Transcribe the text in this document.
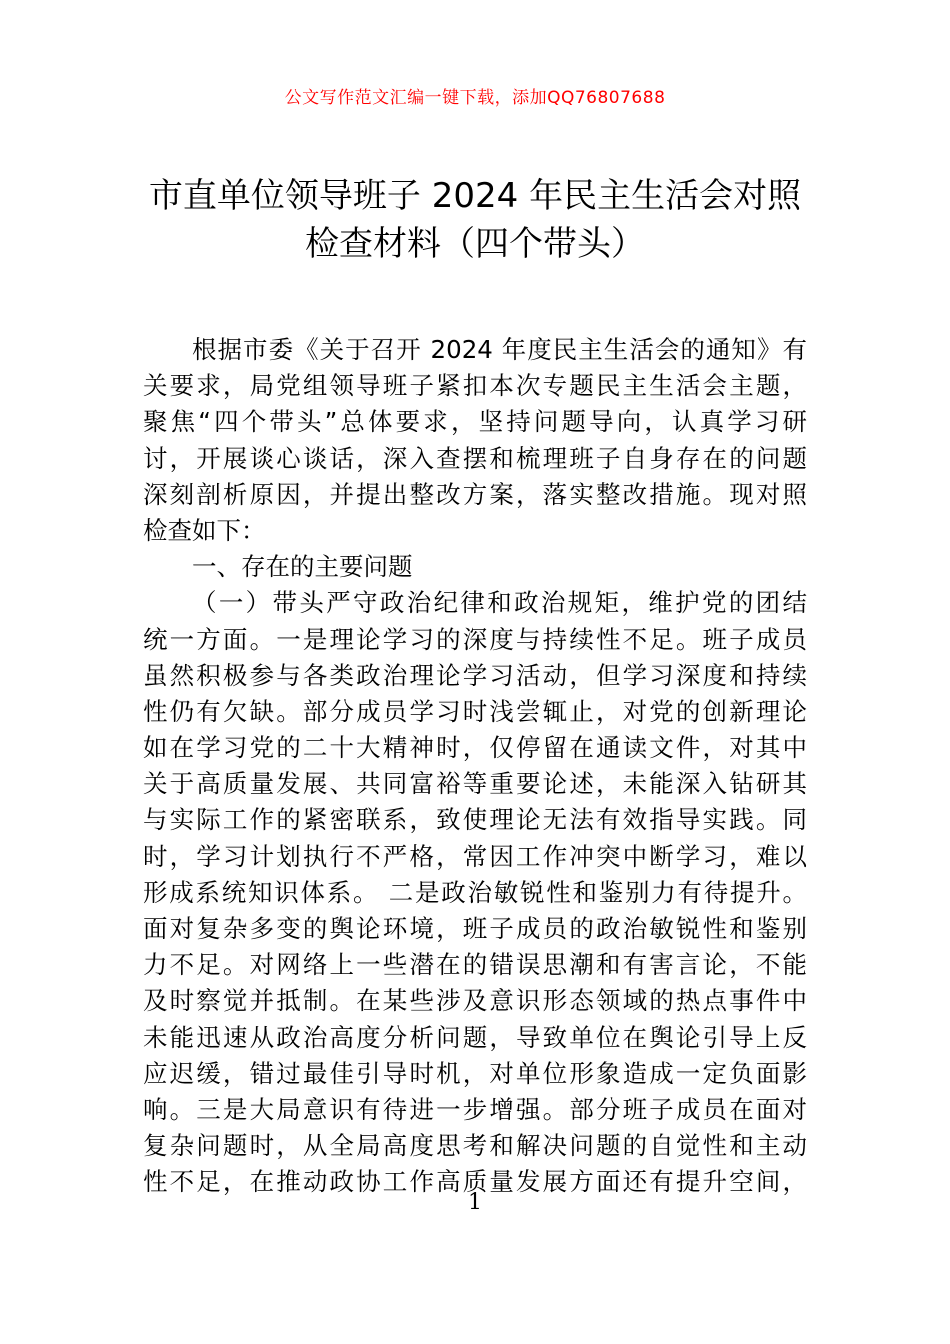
公文写作范文汇编一键下载，添加QQ76807688
市直单位领导班子 2024 年民主生活会对照
检查材料（四个带头）
根据市委《关于召开 2024 年度民主生活会的通知》有
关要求，局党组领导班子紧扣本次专题民主生活会主题，
聚焦“四个带头”总体要求，坚持问题导向，认真学习研
讨，开展谈心谈话，深入查摆和梳理班子自身存在的问题
深刻剖析原因，并提出整改方案，落实整改措施。现对照
检查如下：
一、存在的主要问题
（一）带头严守政治纪律和政治规矩，维护党的团结
统一方面。一是理论学习的深度与持续性不足。班子成员
虽然积极参与各类政治理论学习活动，但学习深度和持续
性仍有欠缺。部分成员学习时浅尝辄止，对党的创新理论
如在学习党的二十大精神时，仅停留在通读文件，对其中
关于高质量发展、共同富裕等重要论述，未能深入钻研其
与实际工作的紧密联系，致使理论无法有效指导实践。同
时，学习计划执行不严格，常因工作冲突中断学习，难以
形成系统知识体系。 二是政治敏锐性和鉴别力有待提升。
面对复杂多变的舆论环境，班子成员的政治敏锐性和鉴别
力不足。对网络上一些潜在的错误思潮和有害言论，不能
及时察觉并抵制。在某些涉及意识形态领域的热点事件中
未能迅速从政治高度分析问题，导致单位在舆论引导上反
应迟缓，错过最佳引导时机，对单位形象造成一定负面影
响。三是大局意识有待进一步增强。部分班子成员在面对
复杂问题时，从全局高度思考和解决问题的自觉性和主动
性不足，在推动政协工作高质量发展方面还有提升空间，
1
